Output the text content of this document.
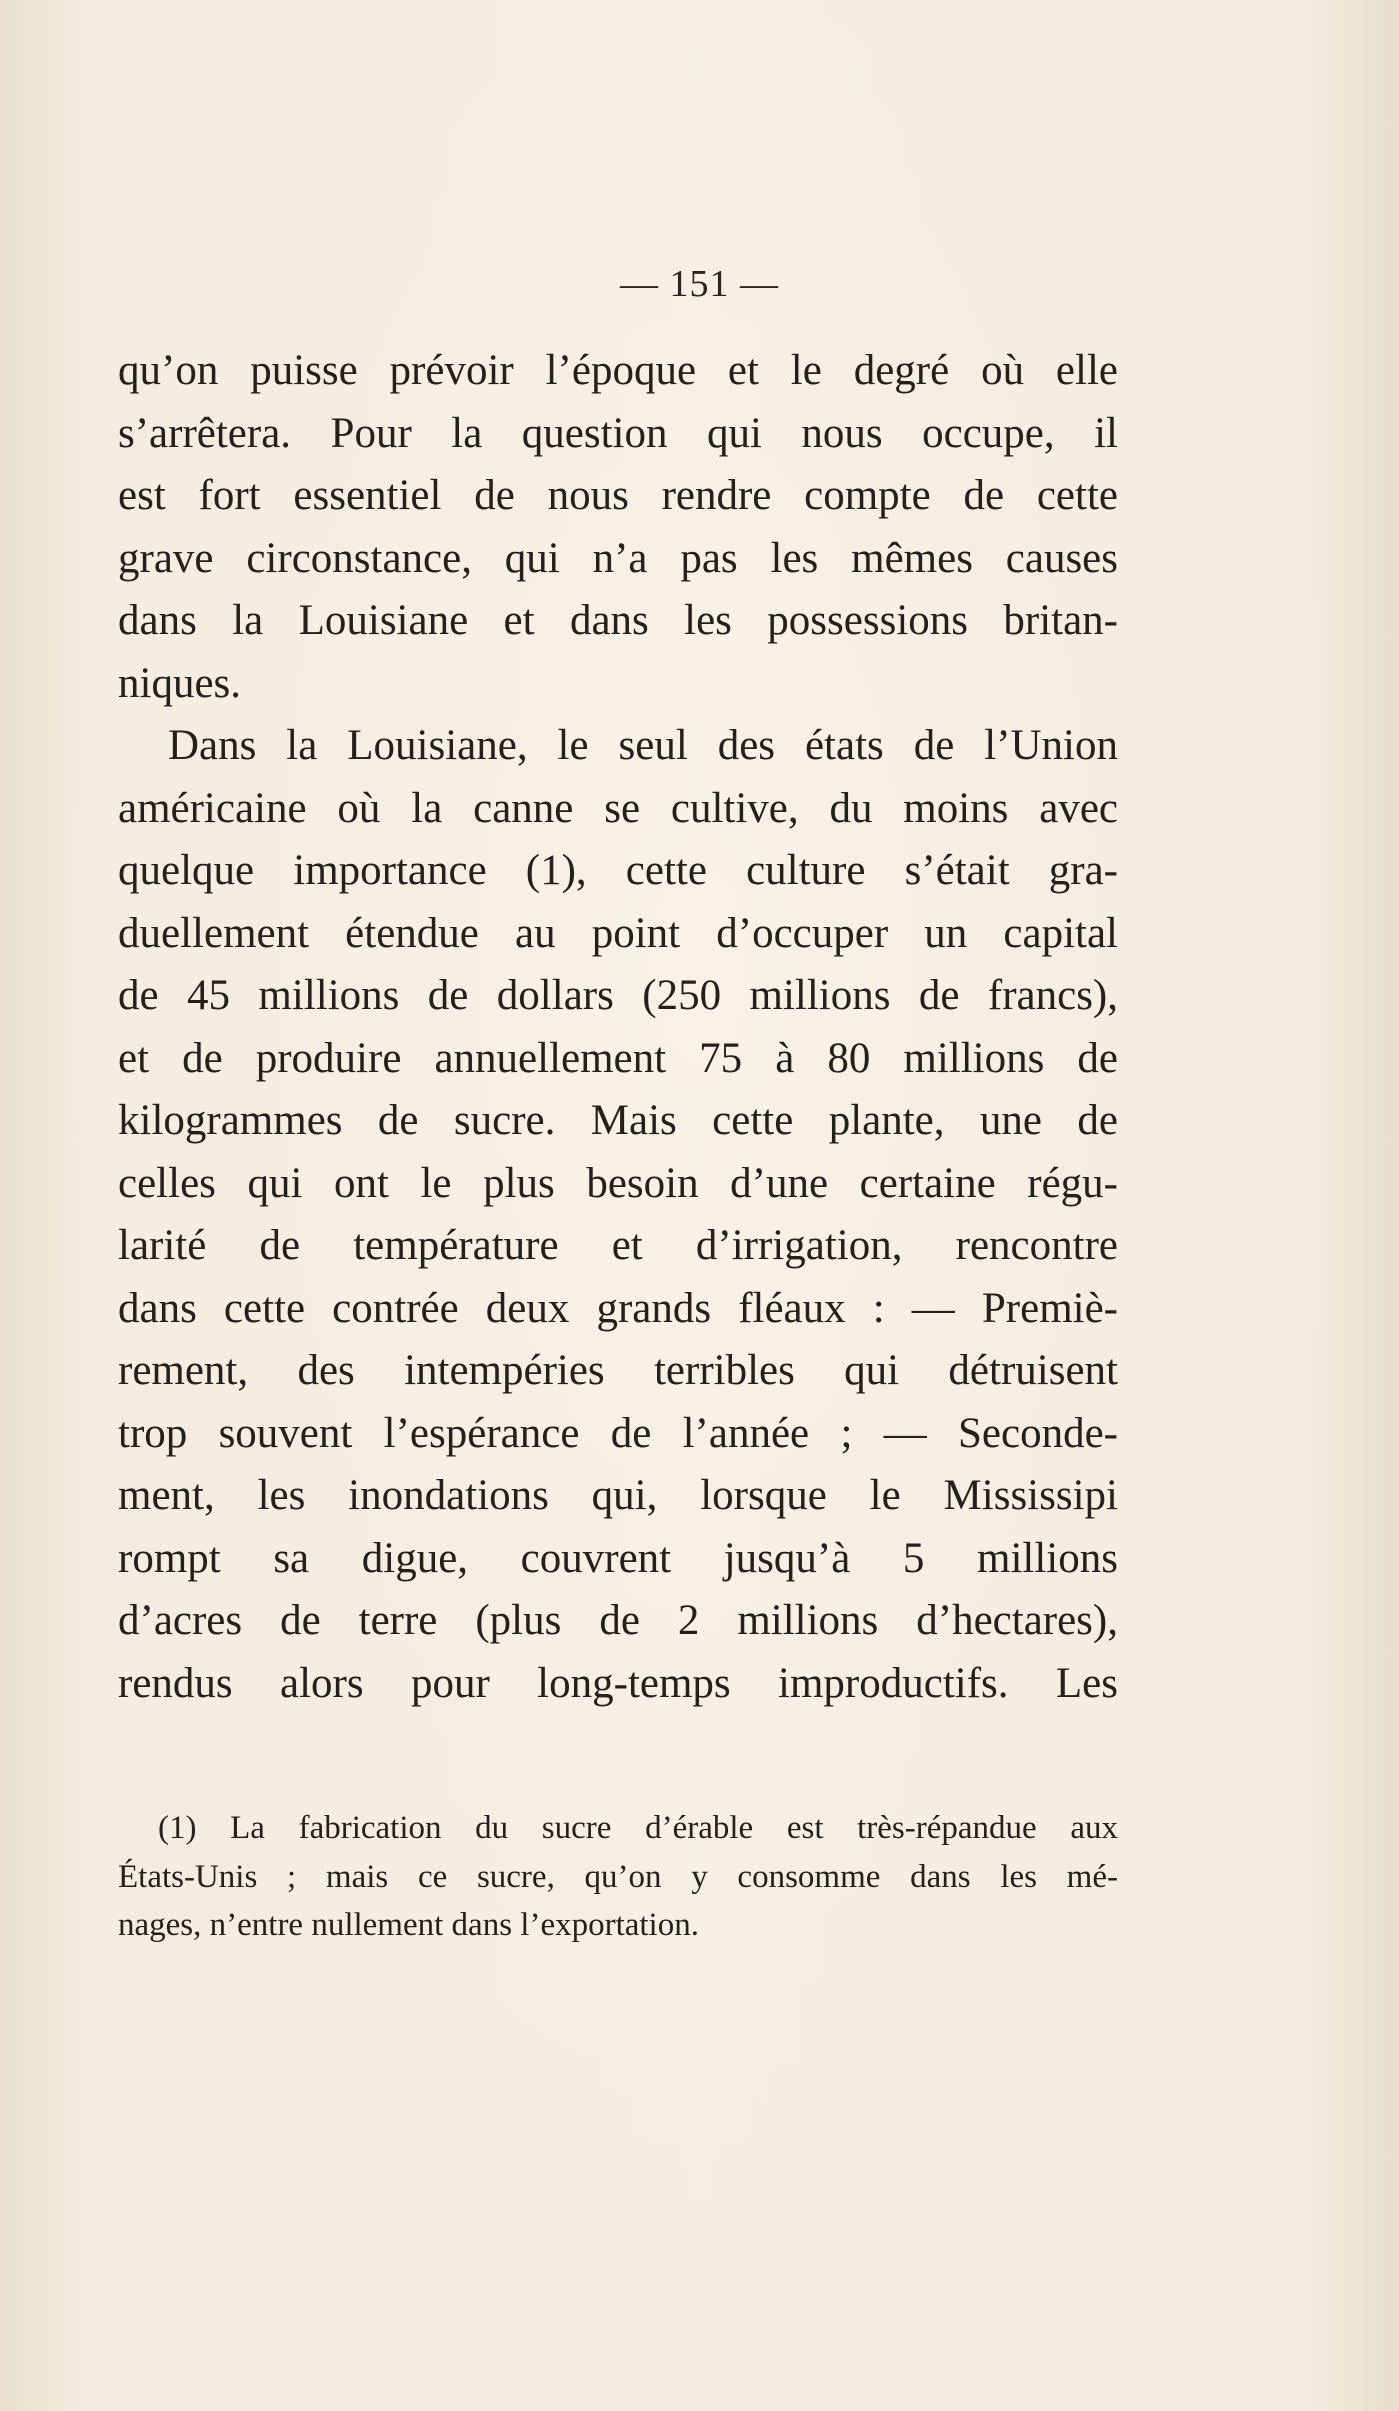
— 151 —
qu’on puisse prévoir l’époque et le degré où elle
s’arrêtera. Pour la question qui nous occupe, il
est fort essentiel de nous rendre compte de cette
grave circonstance, qui n’a pas les mêmes causes
dans la Louisiane et dans les possessions britan-
niques.
Dans la Louisiane, le seul des états de l’Union
américaine où la canne se cultive, du moins avec
quelque importance (1), cette culture s’était gra-
duellement étendue au point d’occuper un capital
de 45 millions de dollars (250 millions de francs),
et de produire annuellement 75 à 80 millions de
kilogrammes de sucre. Mais cette plante, une de
celles qui ont le plus besoin d’une certaine régu-
larité de température et d’irrigation, rencontre
dans cette contrée deux grands fléaux : — Premiè-
rement, des intempéries terribles qui détruisent
trop souvent l’espérance de l’année ; — Seconde-
ment, les inondations qui, lorsque le Mississipi
rompt sa digue, couvrent jusqu’à 5 millions
d’acres de terre (plus de 2 millions d’hectares),
rendus alors pour long-temps improductifs. Les
(1) La fabrication du sucre d’érable est très-répandue aux
États-Unis ; mais ce sucre, qu’on y consomme dans les mé-
nages, n’entre nullement dans l’exportation.
